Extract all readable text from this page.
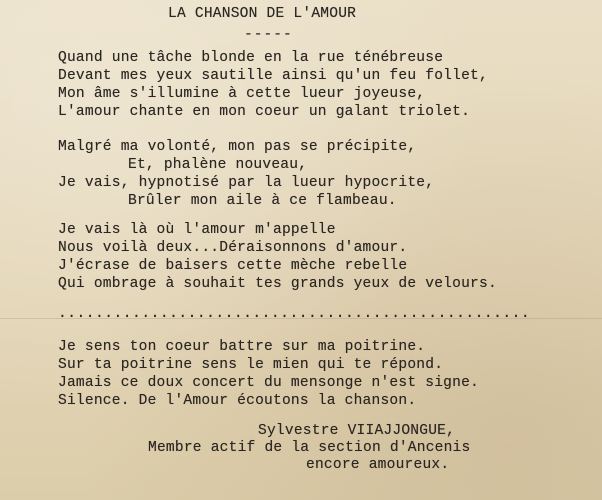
LA CHANSON DE L'AMOUR
-----
Quand une tâche blonde en la rue ténébreuse
Devant mes yeux sautille ainsi qu'un feu follet,
Mon âme s'illumine à cette lueur joyeuse,
L'amour chante en mon coeur un galant triolet.
Malgré ma volonté, mon pas se précipite,
Et, phalène nouveau,
Je vais, hypnotisé par la lueur hypocrite,
Brûler mon aile à ce flambeau.
Je vais là où l'amour m'appelle
Nous voilà deux...Déraisonnons d'amour.
J'écrase de baisers cette mèche rebelle
Qui ombrage à souhait tes grands yeux de velours.
...................................................
Je sens ton coeur battre sur ma poitrine.
Sur ta poitrine sens le mien qui te répond.
Jamais ce doux concert du mensonge n'est signe.
Silence. De l'Amour écoutons la chanson.
Sylvestre VIIAJJONGUE,
Membre actif de la section d'Ancenis
encore amoureux.
